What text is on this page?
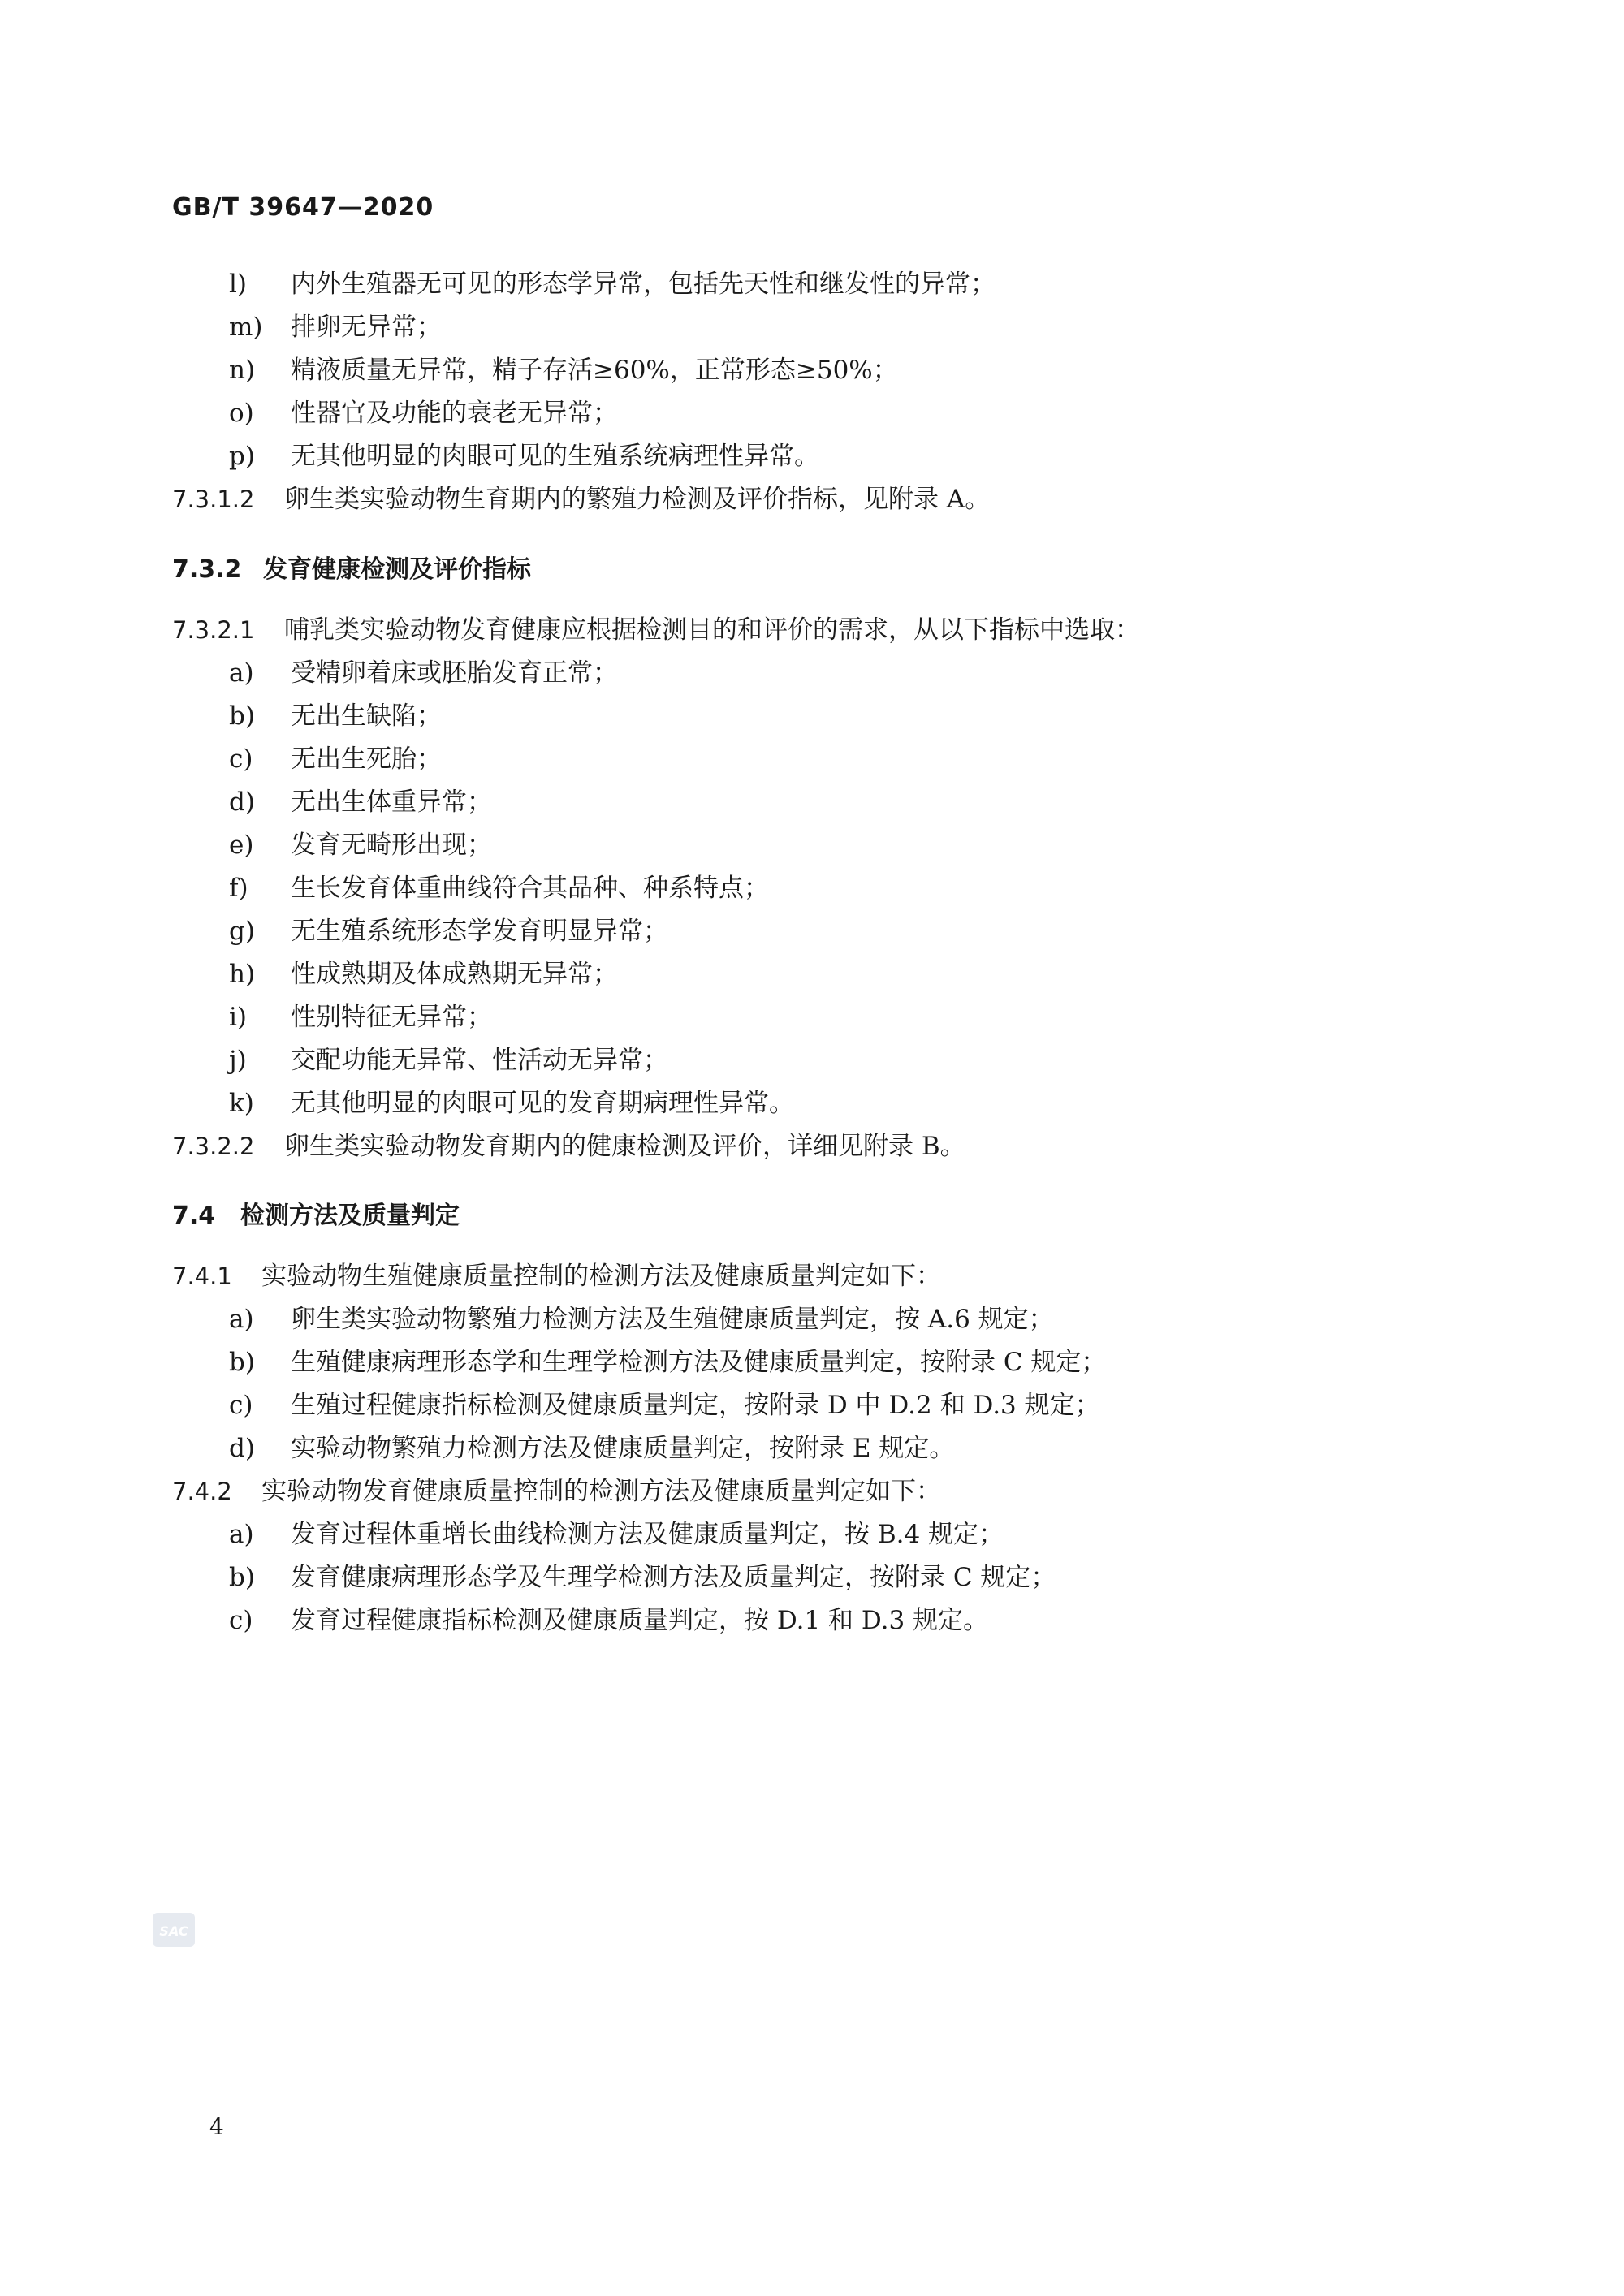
GB/T 39647—2020
l) 内外生殖器无可见的形态学异常，包括先天性和继发性的异常；
m) 排卵无异常；
n) 精液质量无异常，精子存活≥60%，正常形态≥50%；
o) 性器官及功能的衰老无异常；
p) 无其他明显的肉眼可见的生殖系统病理性异常。
7.3.1.2 卵生类实验动物生育期内的繁殖力检测及评价指标，见附录 A。
7.3.2 发育健康检测及评价指标
7.3.2.1 哺乳类实验动物发育健康应根据检测目的和评价的需求，从以下指标中选取：
a) 受精卵着床或胚胎发育正常；
b) 无出生缺陷；
c) 无出生死胎；
d) 无出生体重异常；
e) 发育无畸形出现；
f) 生长发育体重曲线符合其品种、种系特点；
g) 无生殖系统形态学发育明显异常；
h) 性成熟期及体成熟期无异常；
i) 性别特征无异常；
j) 交配功能无异常、性活动无异常；
k) 无其他明显的肉眼可见的发育期病理性异常。
7.3.2.2 卵生类实验动物发育期内的健康检测及评价，详细见附录 B。
7.4 检测方法及质量判定
7.4.1 实验动物生殖健康质量控制的检测方法及健康质量判定如下：
a) 卵生类实验动物繁殖力检测方法及生殖健康质量判定，按 A.6 规定；
b) 生殖健康病理形态学和生理学检测方法及健康质量判定，按附录 C 规定；
c) 生殖过程健康指标检测及健康质量判定，按附录 D 中 D.2 和 D.3 规定；
d) 实验动物繁殖力检测方法及健康质量判定，按附录 E 规定。
7.4.2 实验动物发育健康质量控制的检测方法及健康质量判定如下：
a) 发育过程体重增长曲线检测方法及健康质量判定，按 B.4 规定；
b) 发育健康病理形态学及生理学检测方法及质量判定，按附录 C 规定；
c) 发育过程健康指标检测及健康质量判定，按 D.1 和 D.3 规定。
SAC
4
